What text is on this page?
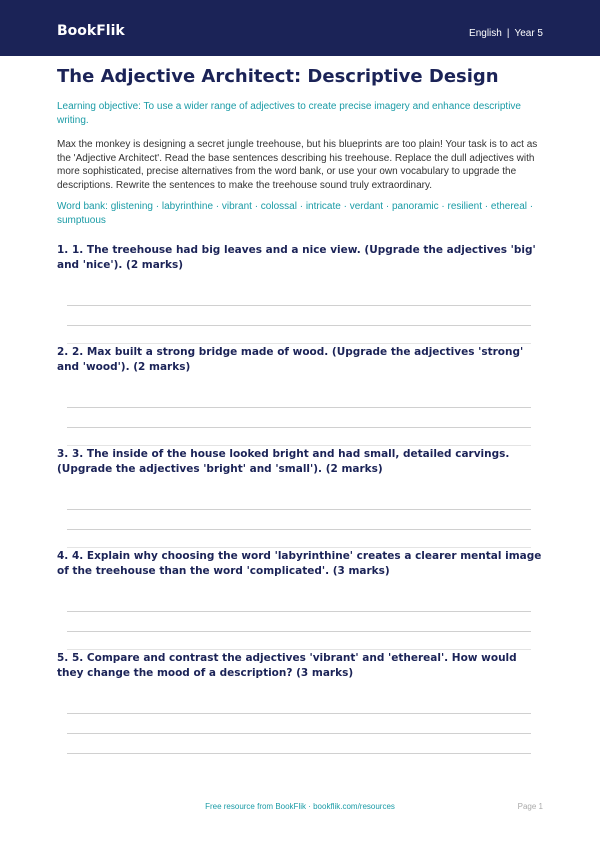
BookFlik	English | Year 5
The Adjective Architect: Descriptive Design

Learning objective: To use a wider range of adjectives to create precise imagery and enhance descriptive writing.

Max the monkey is designing a secret jungle treehouse, but his blueprints are too plain! Your task is to act as the 'Adjective Architect'. Read the base sentences describing his treehouse. Replace the dull adjectives with more sophisticated, precise alternatives from the word bank, or use your own vocabulary to upgrade the descriptions. Rewrite the sentences to make the treehouse sound truly extraordinary.

Word bank: glistening · labyrinthine · vibrant · colossal · intricate · verdant · panoramic · resilient · ethereal · sumptuous

1. 1. The treehouse had big leaves and a nice view. (Upgrade the adjectives 'big' and 'nice'). (2 marks)
2. 2. Max built a strong bridge made of wood. (Upgrade the adjectives 'strong' and 'wood'). (2 marks)
3. 3. The inside of the house looked bright and had small, detailed carvings. (Upgrade the adjectives 'bright' and 'small'). (2 marks)
4. 4. Explain why choosing the word 'labyrinthine' creates a clearer mental image of the treehouse than the word 'complicated'. (3 marks)
5. 5. Compare and contrast the adjectives 'vibrant' and 'ethereal'. How would they change the mood of a description? (3 marks)
Free resource from BookFlik · bookflik.com/resources	Page 1
